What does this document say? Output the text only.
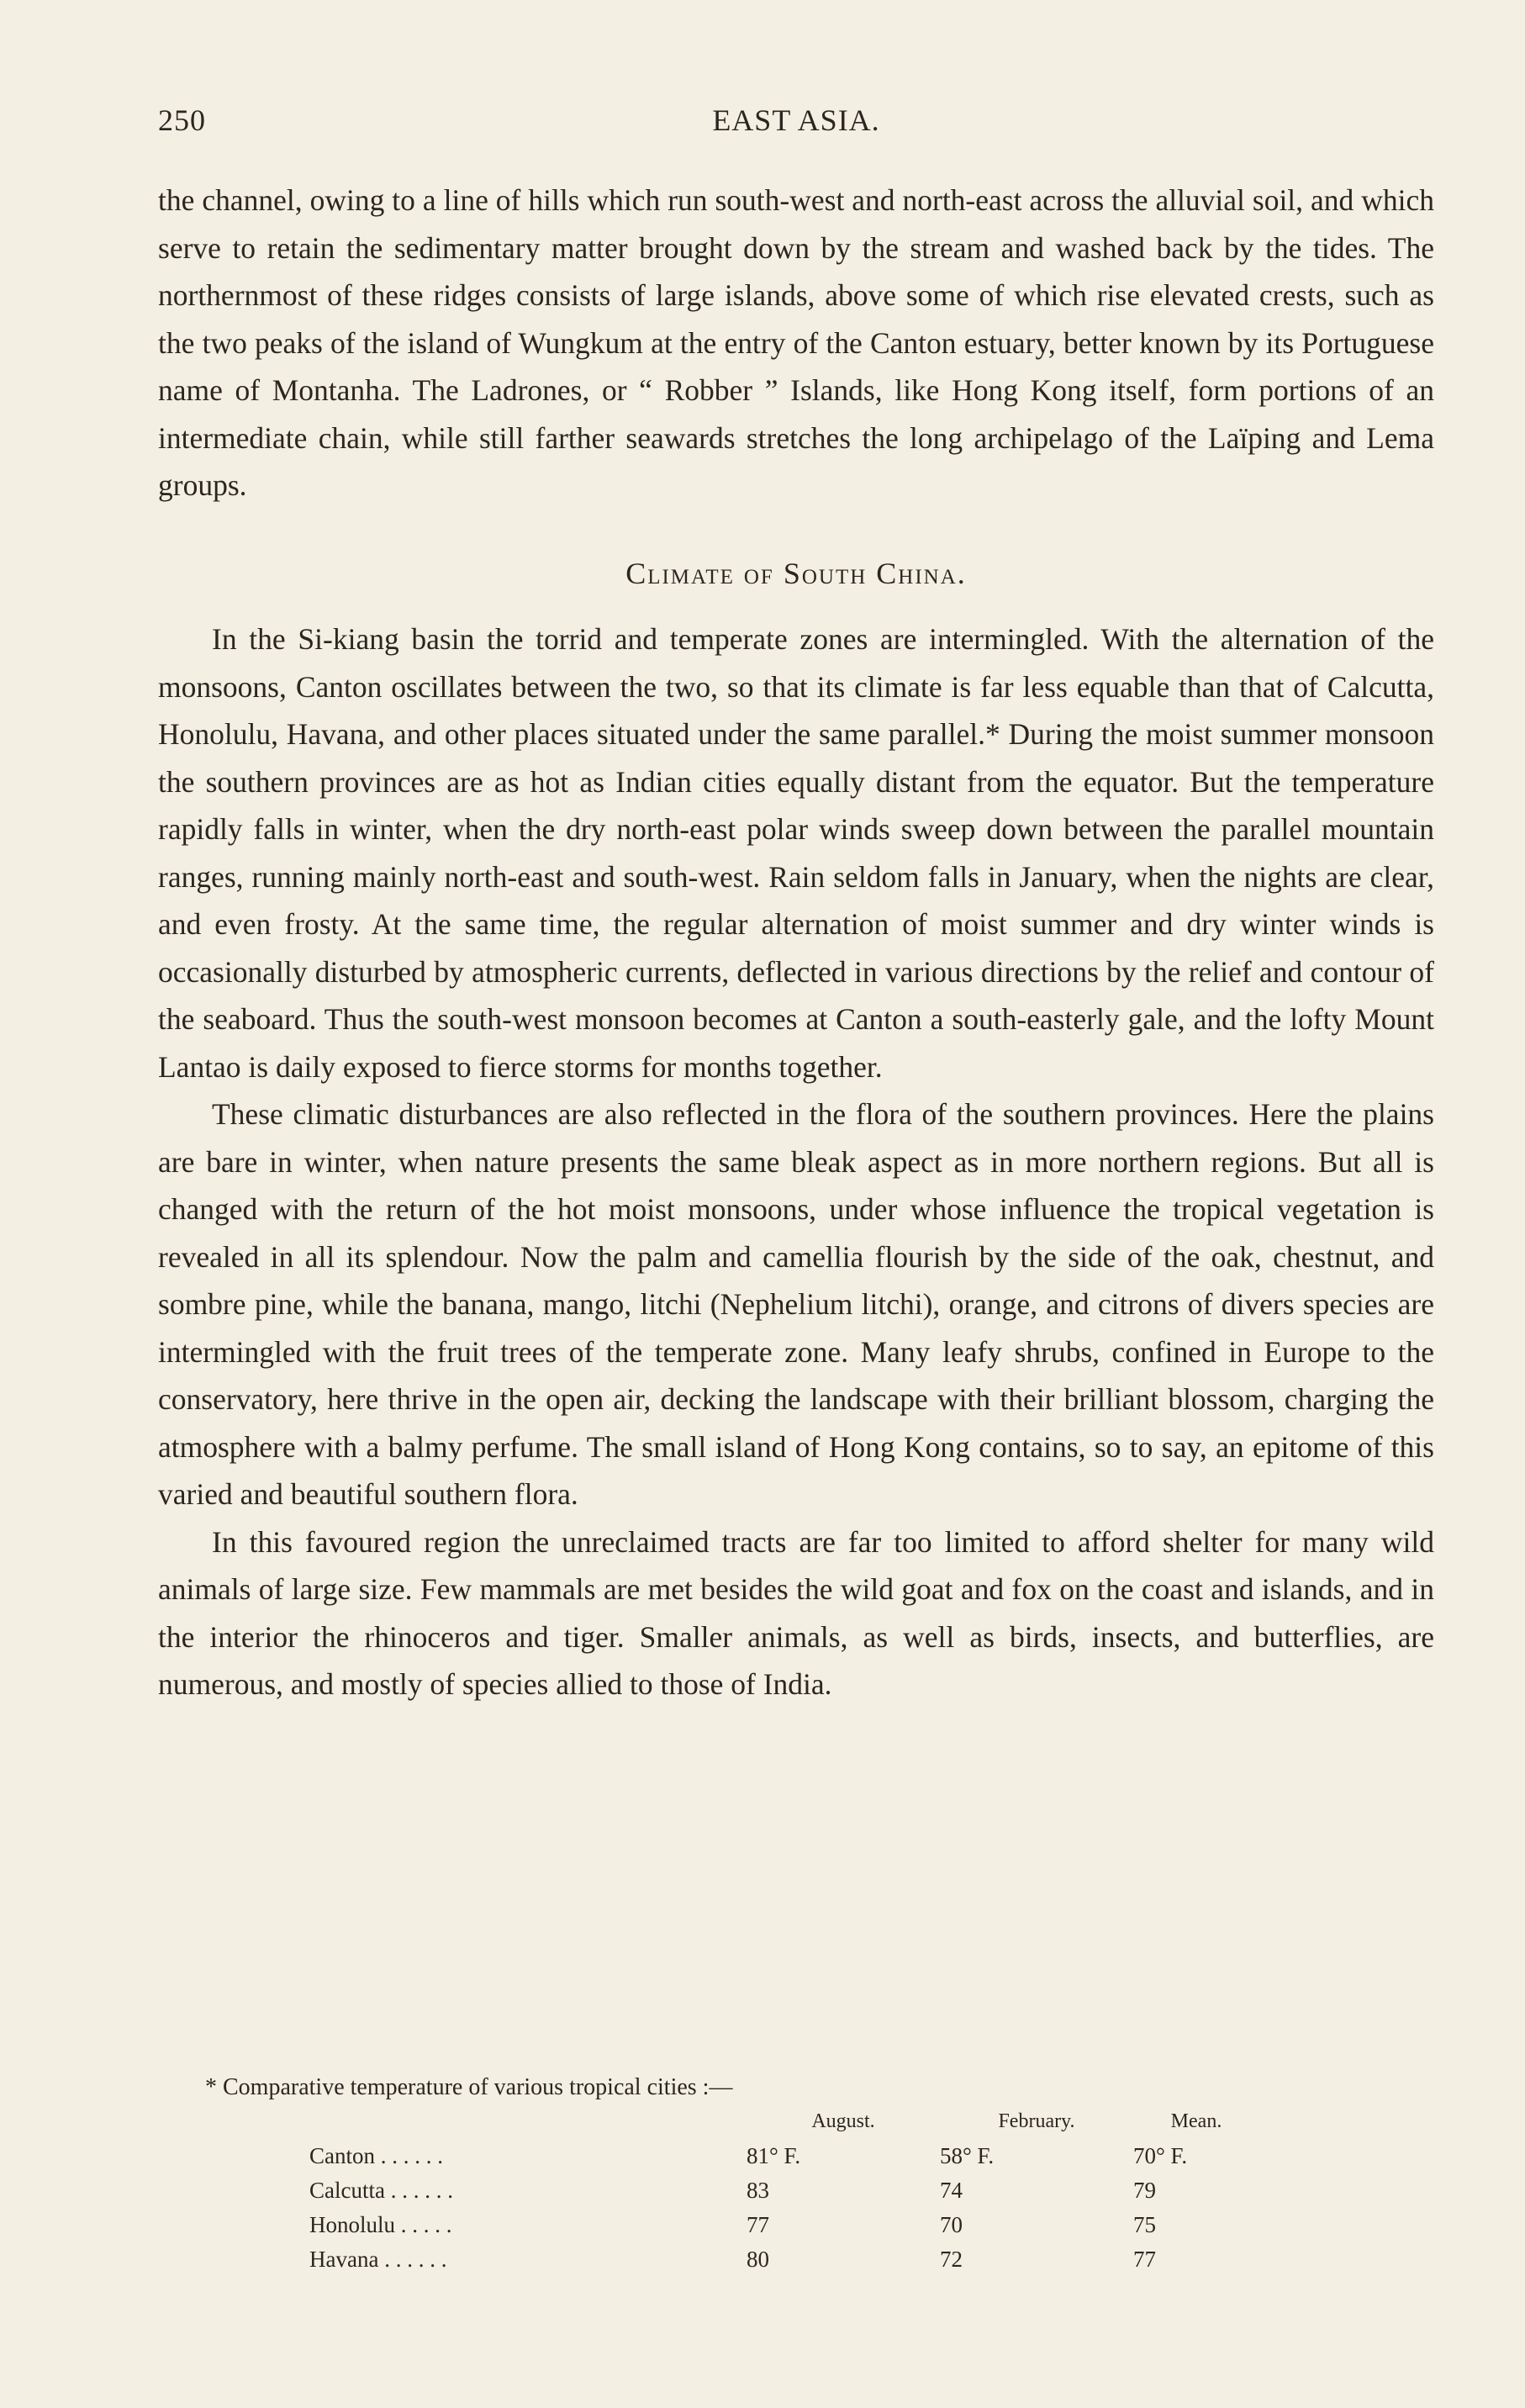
250	EAST ASIA.

the channel, owing to a line of hills which run south-west and north-east across the alluvial soil, and which serve to retain the sedimentary matter brought down by the stream and washed back by the tides. The northernmost of these ridges consists of large islands, above some of which rise elevated crests, such as the two peaks of the island of Wungkum at the entry of the Canton estuary, better known by its Portuguese name of Montanha. The Ladrones, or “ Robber ” Islands, like Hong Kong itself, form portions of an intermediate chain, while still farther seawards stretches the long archipelago of the Laïping and Lema groups.

Climate of South China.

In the Si-kiang basin the torrid and temperate zones are intermingled. With the alternation of the monsoons, Canton oscillates between the two, so that its climate is far less equable than that of Calcutta, Honolulu, Havana, and other places situated under the same parallel.* During the moist summer monsoon the southern provinces are as hot as Indian cities equally distant from the equator. But the temperature rapidly falls in winter, when the dry north-east polar winds sweep down between the parallel mountain ranges, running mainly north-east and south-west. Rain seldom falls in January, when the nights are clear, and even frosty. At the same time, the regular alternation of moist summer and dry winter winds is occasionally disturbed by atmospheric currents, deflected in various directions by the relief and contour of the seaboard. Thus the south-west monsoon becomes at Canton a south-easterly gale, and the lofty Mount Lantao is daily exposed to fierce storms for months together.

These climatic disturbances are also reflected in the flora of the southern provinces. Here the plains are bare in winter, when nature presents the same bleak aspect as in more northern regions. But all is changed with the return of the hot moist monsoons, under whose influence the tropical vegetation is revealed in all its splendour. Now the palm and camellia flourish by the side of the oak, chestnut, and sombre pine, while the banana, mango, litchi (Nephelium litchi), orange, and citrons of divers species are intermingled with the fruit trees of the temperate zone. Many leafy shrubs, confined in Europe to the conservatory, here thrive in the open air, decking the landscape with their brilliant blossom, charging the atmosphere with a balmy perfume. The small island of Hong Kong contains, so to say, an epitome of this varied and beautiful southern flora.

In this favoured region the unreclaimed tracts are far too limited to afford shelter for many wild animals of large size. Few mammals are met besides the wild goat and fox on the coast and islands, and in the interior the rhinoceros and tiger. Smaller animals, as well as birds, insects, and butterflies, are numerous, and mostly of species allied to those of India.

* Comparative temperature of various tropical cities :—
	August.	February.	Mean.
Canton . . . . . .	81° F.	58° F.	70° F.
Calcutta . . . . . .	83	74	79
Honolulu . . . . .	77	70	75
Havana . . . . . .	80	72	77
